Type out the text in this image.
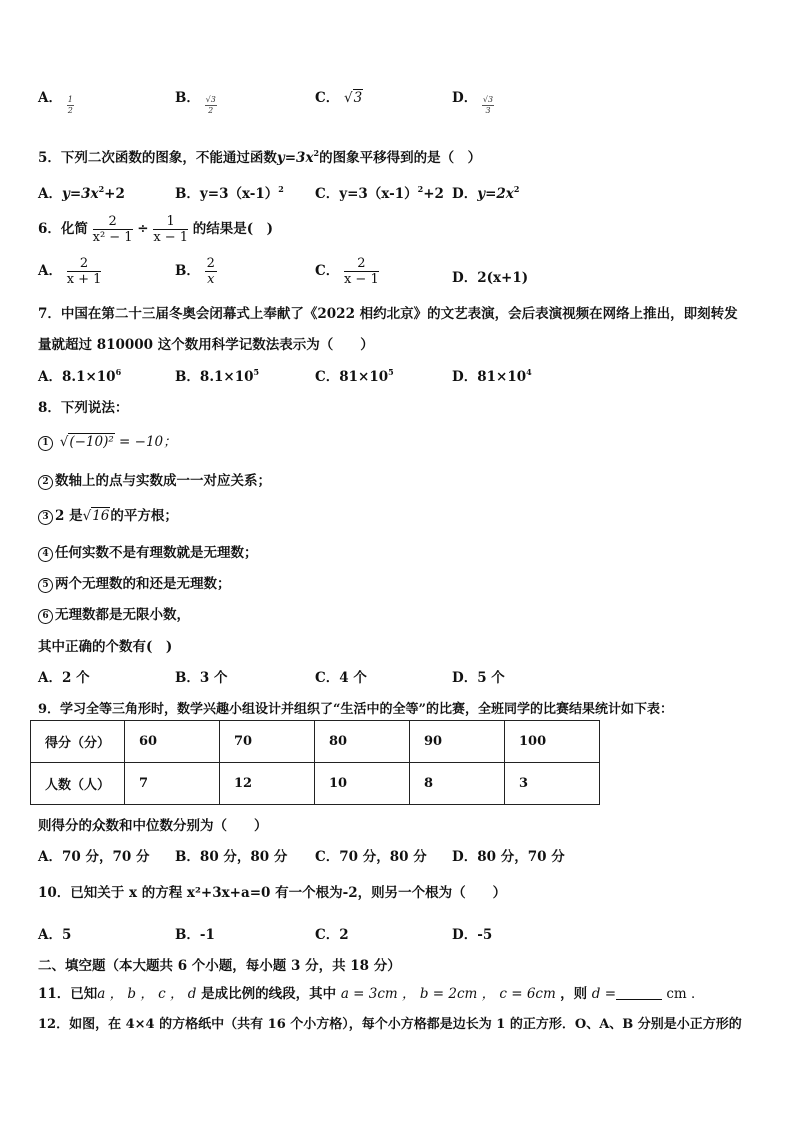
A． $\frac{1}{2}$	B． $\frac{√3}{2}$	C． √3	D． $\frac{√3}{3}$
5．下列二次函数的图象，不能通过函数$y=3x^2$的图象平移得到的是（　）
A．$y=3x^2+2$	B．$y=3(x-1)^2$ C．$y=3(x-1)^2+2$ D．$y=2x^2$
6．化简 $\frac{2}{\text{x² − 1}} \div \frac{1}{x - 1}$ 的结果是(　)
A． $\frac{2}{x + 1}$	B． $\frac{2}{x}$	C． $\frac{2}{x - 1}$	D．2(x+1)
7．中国在第二十三届冬奥会闭幕式上奉献了《2022 相约北京》的文艺表演，会后表演视频在网络上推出，即刻转发
量就超过 810000 这个数用科学记数法表示为（　　）
A．$8.1\times 10^6$	B．$8.1\times 10^5$	C．$81\times 10^5$	D．$81\times 10^4$
8．下列说法：
1 √(−10)² = −10；
2 数轴上的点与实数成一一对应关系；
3 2 是√16的平方根；
4 任何实数不是有理数就是无理数；
5 两个无理数的和还是无理数；
6 无理数都是无限小数，
其中正确的个数有(　)
A．2 个	B．3 个	C．4 个	D．5 个
9．学习全等三角形时，数学兴趣小组设计并组织了“生活中的全等”的比赛，全班同学的比赛结果统计如下表：
得分（分）	60	70	80	90	100
人数（人）	7	12	10	8	3
则得分的众数和中位数分别为（　　）
A．70 分，70 分 B．80 分，80 分 C．70 分，80 分 D．80 分，70 分
10．已知关于 x 的方程 x²+3x+a=0 有一个根为-2，则另一个根为（　　）
A．5	B．-1	C．2	D．-5
二、填空题（本大题共 6 个小题，每小题 3 分，共 18 分）
11．已知a ， b ， c ， d 是成比例的线段，其中 a = 3cm ， b = 2cm ， c = 6cm ，则 d =	cm ．
12．如图，在 4×4 的方格纸中（共有 16 个小方格），每个小方格都是边长为 1 的正方形．O、A、B 分别是小正方形的
